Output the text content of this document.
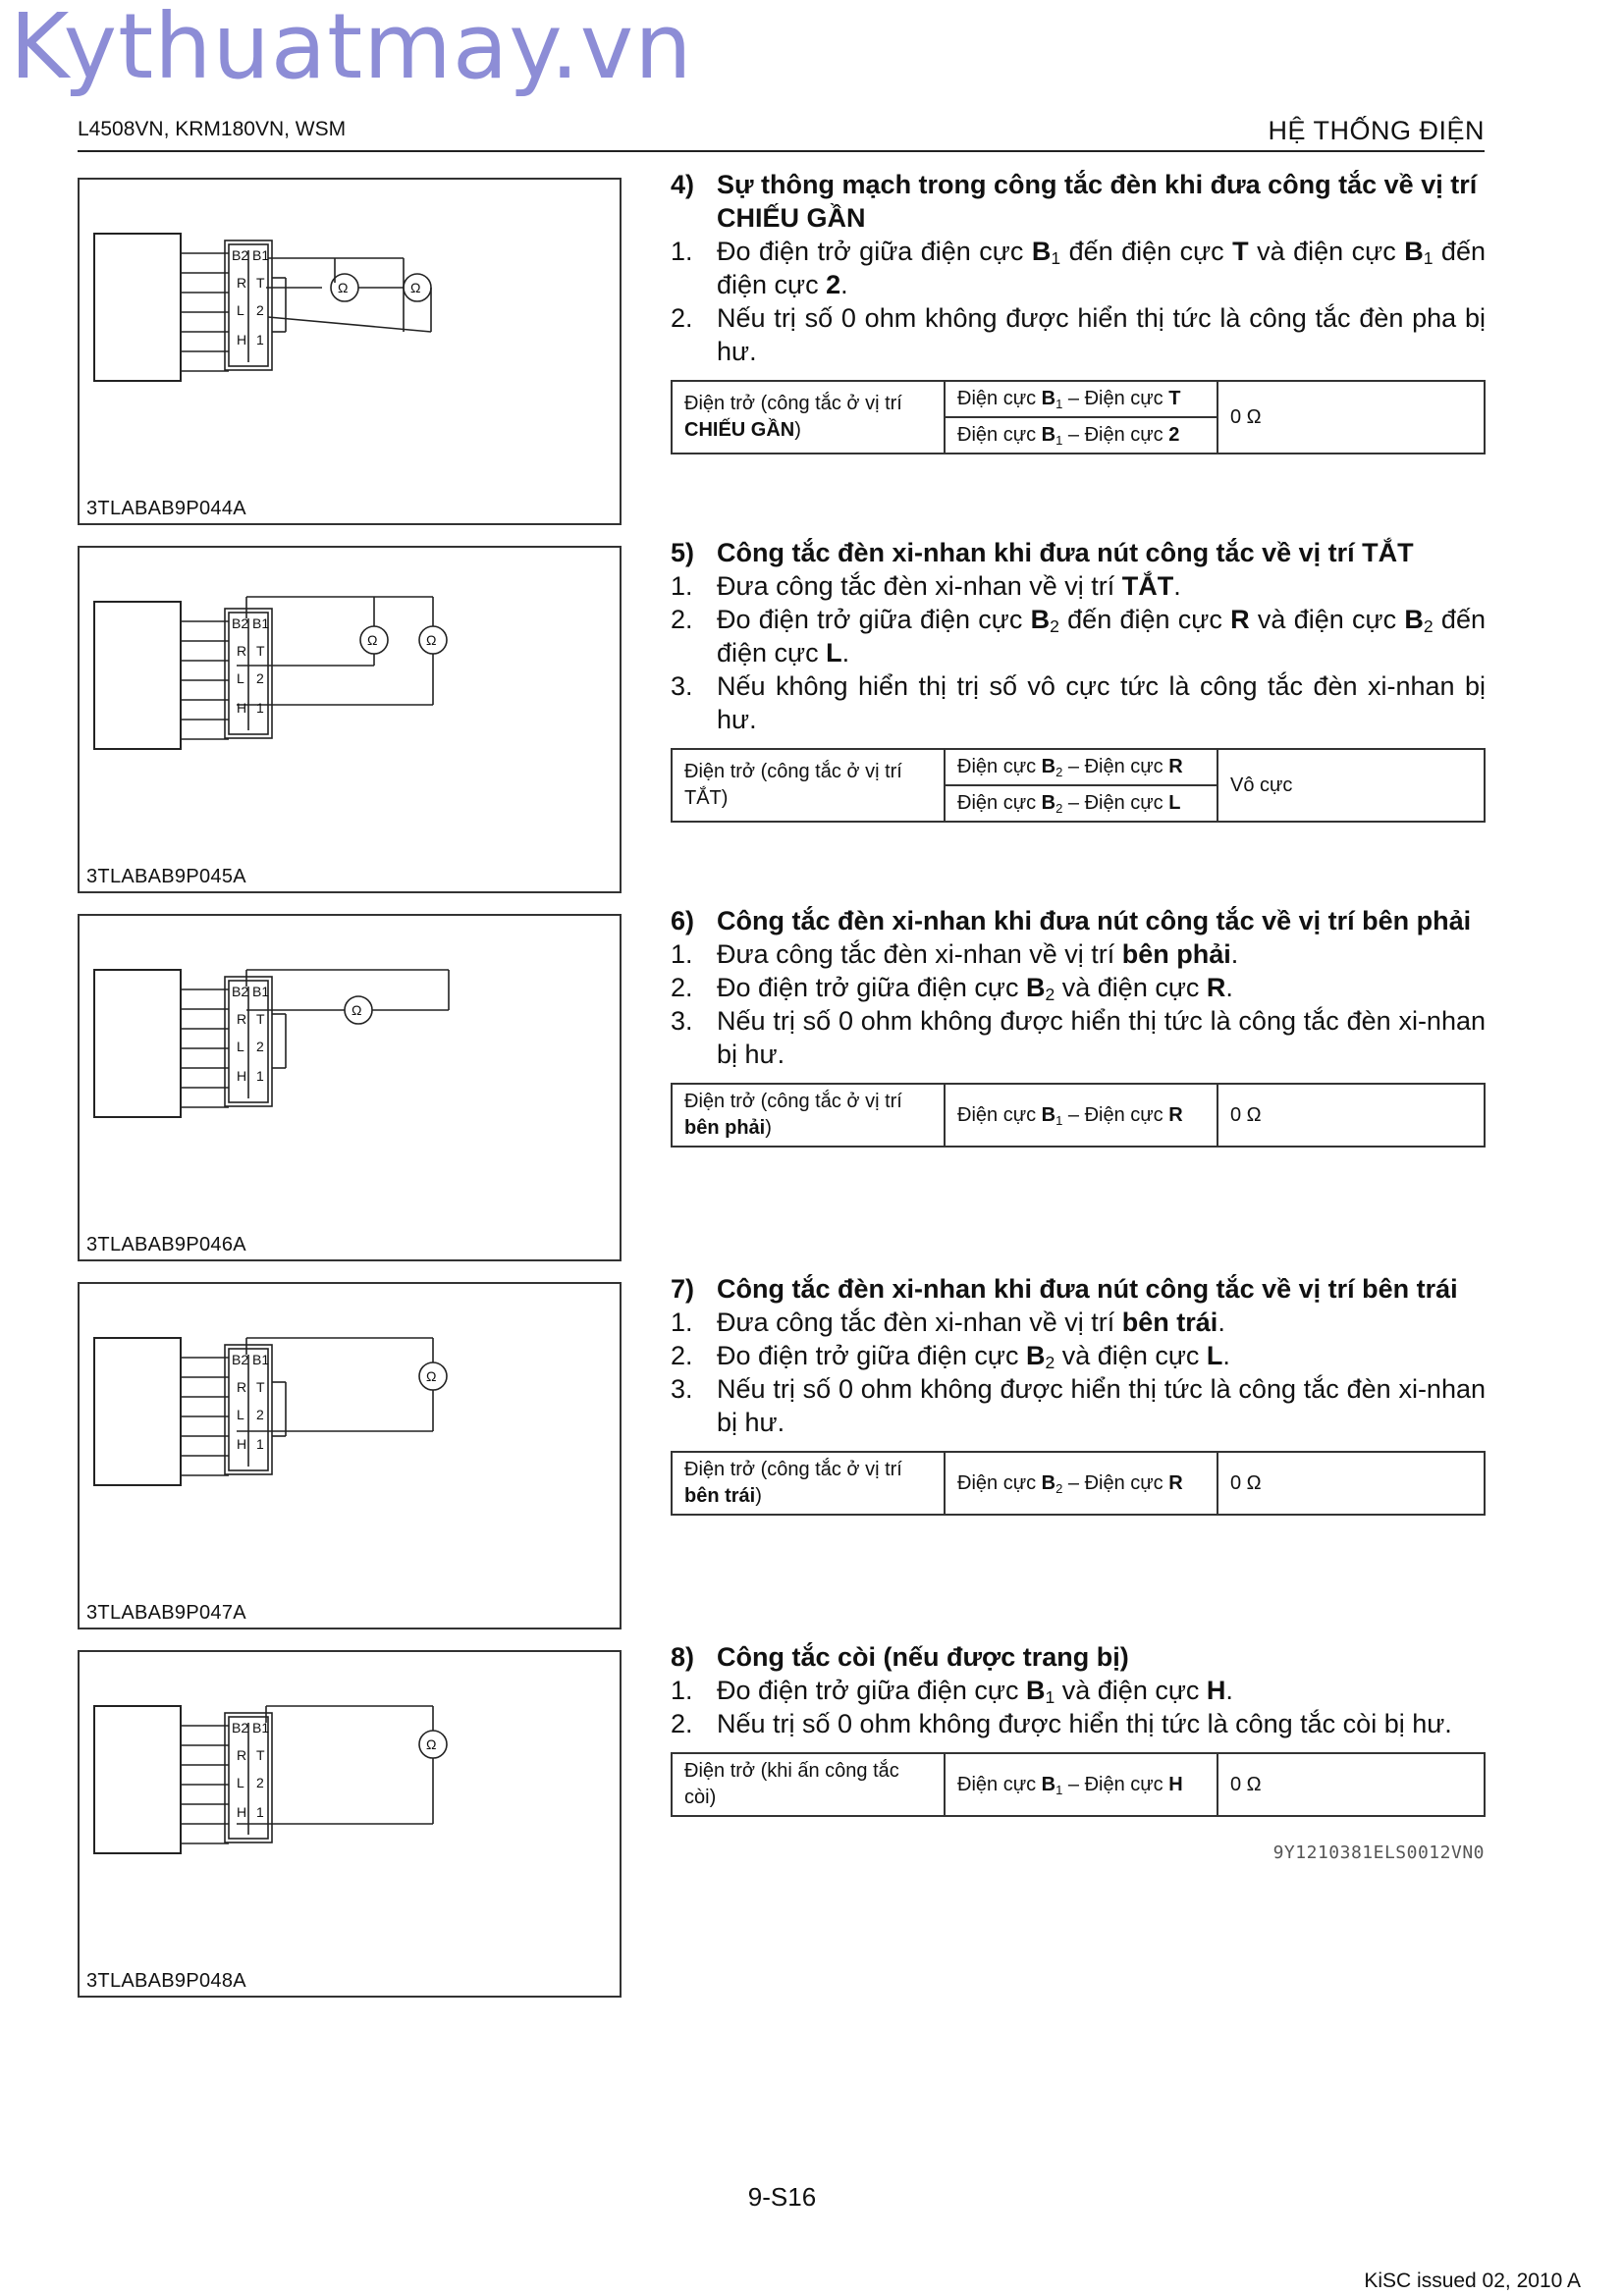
Kythuatmay.vn
L4508VN, KRM180VN, WSM	HỆ THỐNG ĐIỆN
B2 B1
R T
L 2
H 1
Ω	Ω
3TLABAB9P044A
B2 B1
R T
L 2
H 1
Ω	Ω
3TLABAB9P045A
B2 B1
R T
L 2
H 1
Ω
3TLABAB9P046A
B2 B1
R T
L 2
H 1
Ω
3TLABAB9P047A
B2 B1
R T
L 2
H 1
Ω
3TLABAB9P048A
4) Sự thông mạch trong công tắc đèn khi đưa công tắc về vị trí CHIẾU GẦN
1. Đo điện trở giữa điện cực $B_1$ đến điện cực T và điện cực $B_1$ đến điện cực 2.
2. Nếu trị số 0 ohm không được hiển thị tức là công tắc đèn pha bị hư.
Điện trở (công tắc ở vị trí CHIẾU GẦN)	Điện cực $B_1$ – Điện cực T	0 Ω
Điện cực $B_1$ – Điện cực 2
5) Công tắc đèn xi-nhan khi đưa nút công tắc về vị trí TẮT
1. Đưa công tắc đèn xi-nhan về vị trí TẮT.
2. Đo điện trở giữa điện cực $B_2$ đến điện cực R và điện cực $B_2$ đến điện cực L.
3. Nếu không hiển thị trị số vô cực tức là công tắc đèn xi-nhan bị hư.
Điện trở (công tắc ở vị trí TẮT)	Điện cực $B_2$ – Điện cực R	Vô cực
Điện cực $B_2$ – Điện cực L
6) Công tắc đèn xi-nhan khi đưa nút công tắc về vị trí bên phải
1. Đưa công tắc đèn xi-nhan về vị trí bên phải.
2. Đo điện trở giữa điện cực $B_2$ và điện cực R.
3. Nếu trị số 0 ohm không được hiển thị tức là công tắc đèn xi-nhan bị hư.
Điện trở (công tắc ở vị trí bên phải)	Điện cực $B_1$ – Điện cực R	0 Ω
7) Công tắc đèn xi-nhan khi đưa nút công tắc về vị trí bên trái
1. Đưa công tắc đèn xi-nhan về vị trí bên trái.
2. Đo điện trở giữa điện cực $B_2$ và điện cực L.
3. Nếu trị số 0 ohm không được hiển thị tức là công tắc đèn xi-nhan bị hư.
Điện trở (công tắc ở vị trí bên trái)	Điện cực $B_2$ – Điện cực R	0 Ω
8) Công tắc còi (nếu được trang bị)
1. Đo điện trở giữa điện cực $B_1$ và điện cực H.
2. Nếu trị số 0 ohm không được hiển thị tức là công tắc còi bị hư.
Điện trở (khi ấn công tắc còi)	Điện cực $B_1$ – Điện cực H	0 Ω
9Y1210381ELS0012VN0
9-S16
KiSC issued 02, 2010 A
